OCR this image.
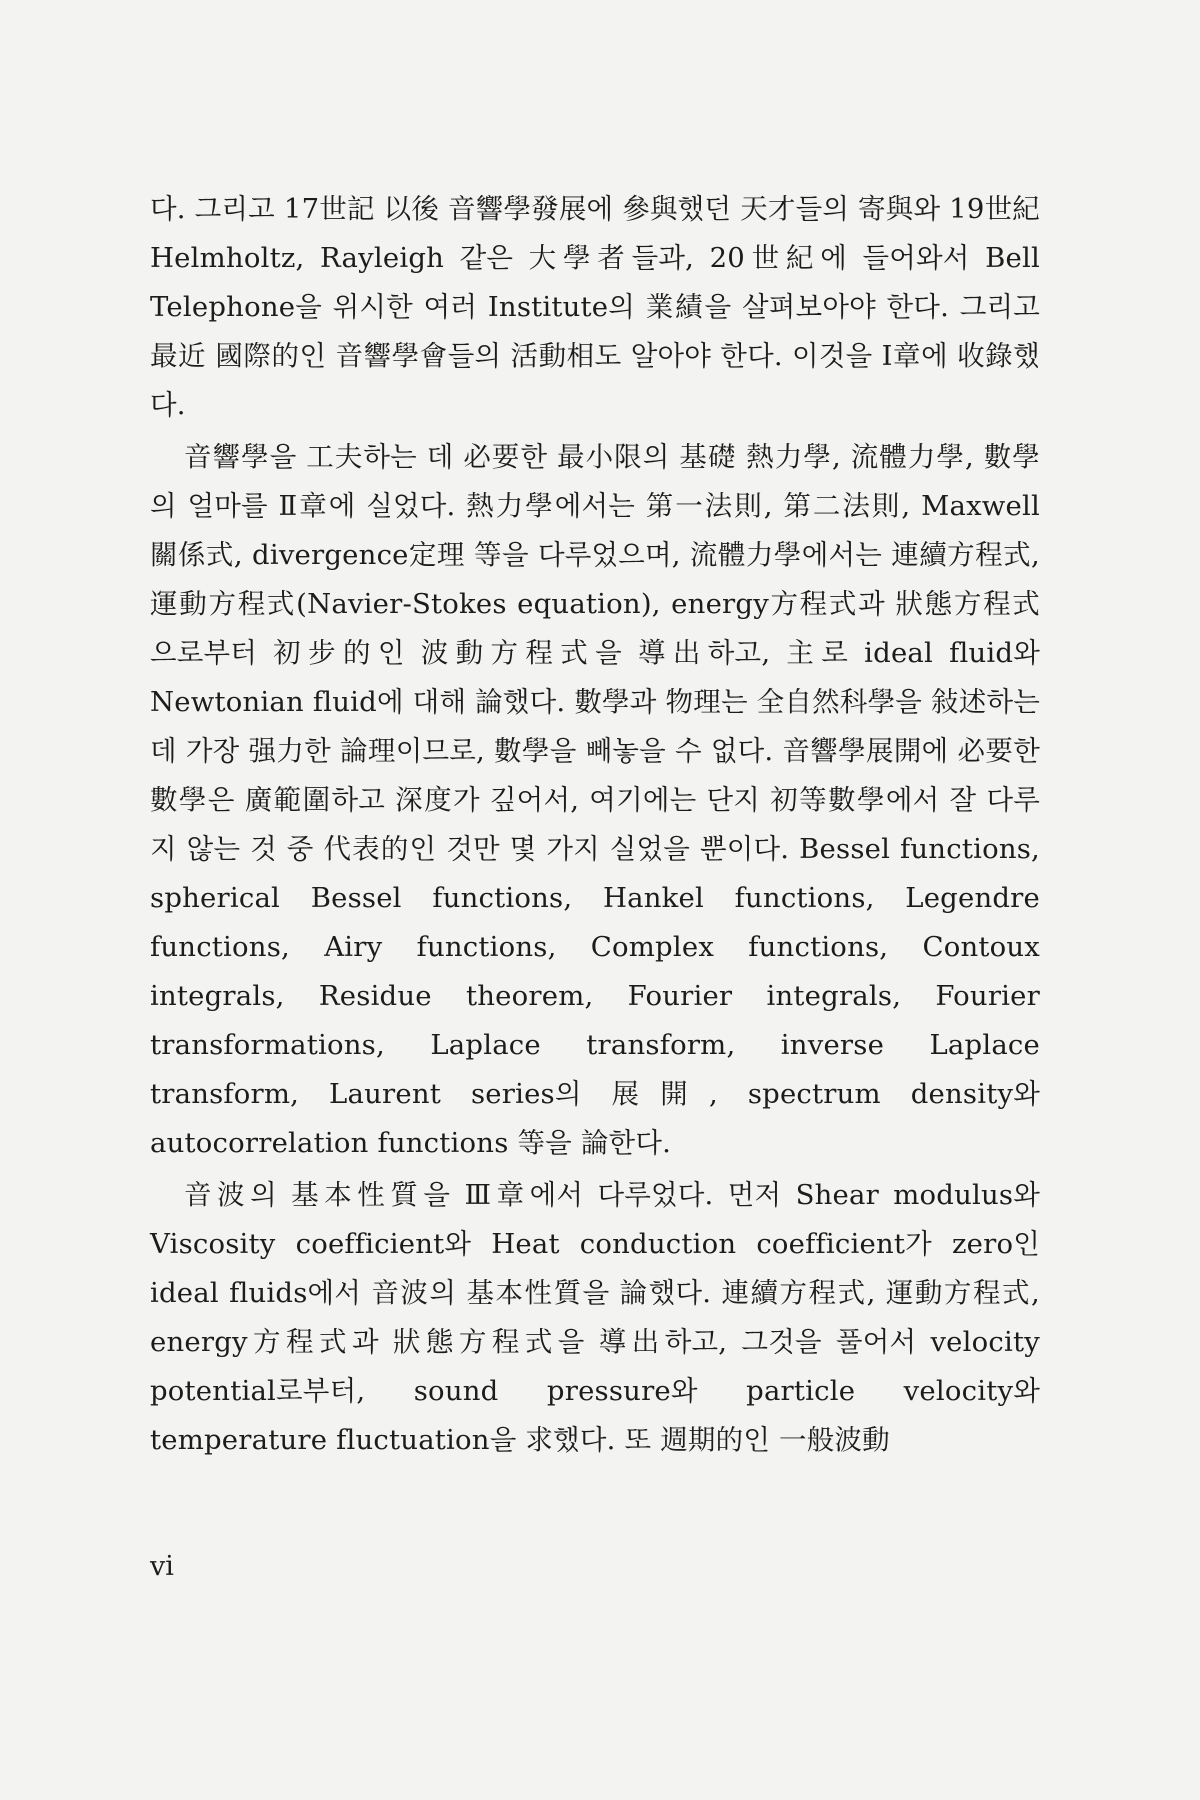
다. 그리고 17世記 以後 音響學發展에 參與했던 天才들의 寄與와 19世紀 Helmholtz, Rayleigh 같은 大學者들과, 20世紀에 들어와서 Bell Telephone을 위시한 여러 Institute의 業績을 살펴보아야 한다. 그리고 最近 國際的인 音響學會들의 活動相도 알아야 한다. 이것을 Ⅰ章에 收錄했다.

音響學을 工夫하는 데 必要한 最小限의 基礎 熱力學, 流體力學, 數學의 얼마를 Ⅱ章에 실었다. 熱力學에서는 第一法則, 第二法則, Maxwell 關係式, divergence定理 等을 다루었으며, 流體力學에서는 連續方程式, 運動方程式(Navier-Stokes equation), energy方程式과 狀態方程式으로부터 初步的인 波動方程式을 導出하고, 主로 ideal fluid와 Newtonian fluid에 대해 論했다. 數學과 物理는 全自然科學을 敍述하는 데 가장 强力한 論理이므로, 數學을 빼놓을 수 없다. 音響學展開에 必要한 數學은 廣範圍하고 深度가 깊어서, 여기에는 단지 初等數學에서 잘 다루지 않는 것 중 代表的인 것만 몇 가지 실었을 뿐이다. Bessel functions, spherical Bessel functions, Hankel functions, Legendre functions, Airy functions, Complex functions, Contoux integrals, Residue theorem, Fourier integrals, Fourier transformations, Laplace transform, inverse Laplace transform, Laurent series의 展開, spectrum density와 autocorrelation functions 等을 論한다.

音波의 基本性質을 Ⅲ章에서 다루었다. 먼저 Shear modulus와 Viscosity coefficient와 Heat conduction coefficient가 zero인 ideal fluids에서 音波의 基本性質을 論했다. 連續方程式, 運動方程式, energy方程式과 狀態方程式을 導出하고, 그것을 풀어서 velocity potential로부터, sound pressure와 particle velocity와 temperature fluctuation을 求했다. 또 週期的인 一般波動

vi
